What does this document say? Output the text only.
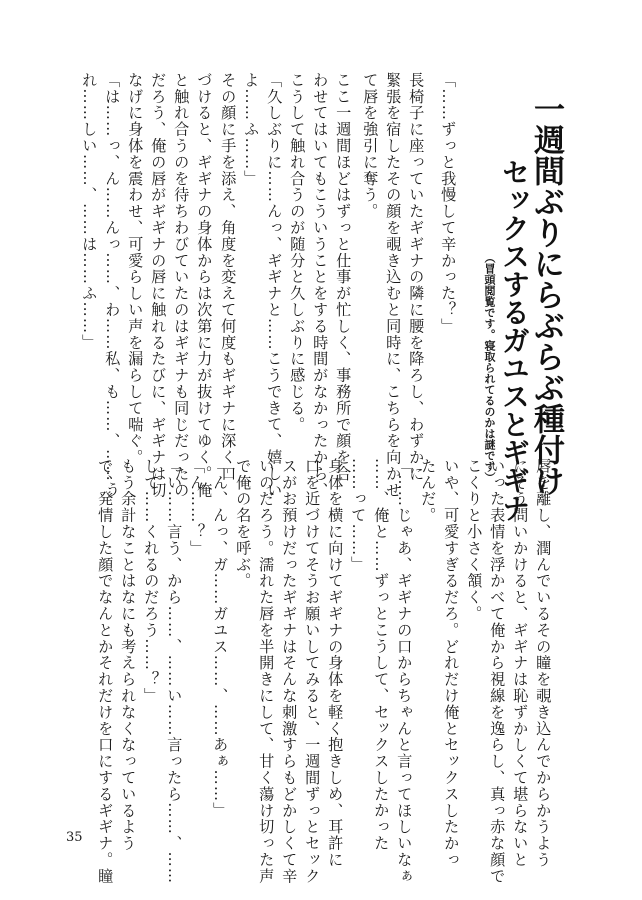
一週間ぶりにらぶらぶ種付け
セックスするガユスとギギナ
（冒頭閲覧です。寝取られてるのかは謎です）
「……ずっと我慢して辛かった？」
長椅子に座っていたギギナの隣に腰を降ろし、わずかに
緊張を宿したその顔を覗き込むと同時に、こちらを向かせ
て唇を強引に奪う。
ここ一週間ほどはずっと仕事が忙しく、事務所で顔を合
わせてはいてもこういうことをする時間がなかったから、
こうして触れ合うのが随分と久しぶりに感じる。
「久しぶりに……んっ、ギギナと……こうできて、嬉しい
よ……ふ……」
その顔に手を添え、角度を変えて何度もギギナに深く口
づけると、ギギナの身体からは次第に力が抜けてゆく。俺
と触れ合うのを待ちわびていたのはギギナも同じだったの
だろう、俺の唇がギギナの唇に触れるたびに、ギギナは切
なげに身体を震わせ、可愛らしい声を漏らして喘ぐ。
「は……っ、ん……んっ……、わ……私、も……、……う
れ……しい……、……は……ふ……」
唇を離し、潤んでいるその瞳を覗き込んでからかうよう
にそう問いかけると、ギギナは恥ずかしくて堪らないと
いった表情を浮かべて俺から視線を逸らし、真っ赤な顔で
こくりと小さく頷く。
いや、可愛すぎるだろ。どれだけ俺とセックスしたかっ
たんだ。
「……じゃあ、ギギナの口からちゃんと言ってほしいなぁ
……、俺と……ずっとこうして、セックスしたかった
……って……」
身体を横に向けてギギナの身体を軽く抱きしめ、耳許に
口を近づけてそうお願いしてみると、一週間ずっとセック
スがお預けだったギギナはそんな刺激すらもどかしくて辛
いのだろう。濡れた唇を半開きにして、甘く蕩け切った声
で俺の名を呼ぶ。
「ん、んっ、ガ……ガユス……、……あぁ……」
「ん……？」
「い……言う、から……、……い……言ったら……、……
して……くれるのだろう……？」
もう余計なことはなにも考えられなくなっているよう
で、発情した顔でなんとかそれだけを口にするギギナ。瞳
35
